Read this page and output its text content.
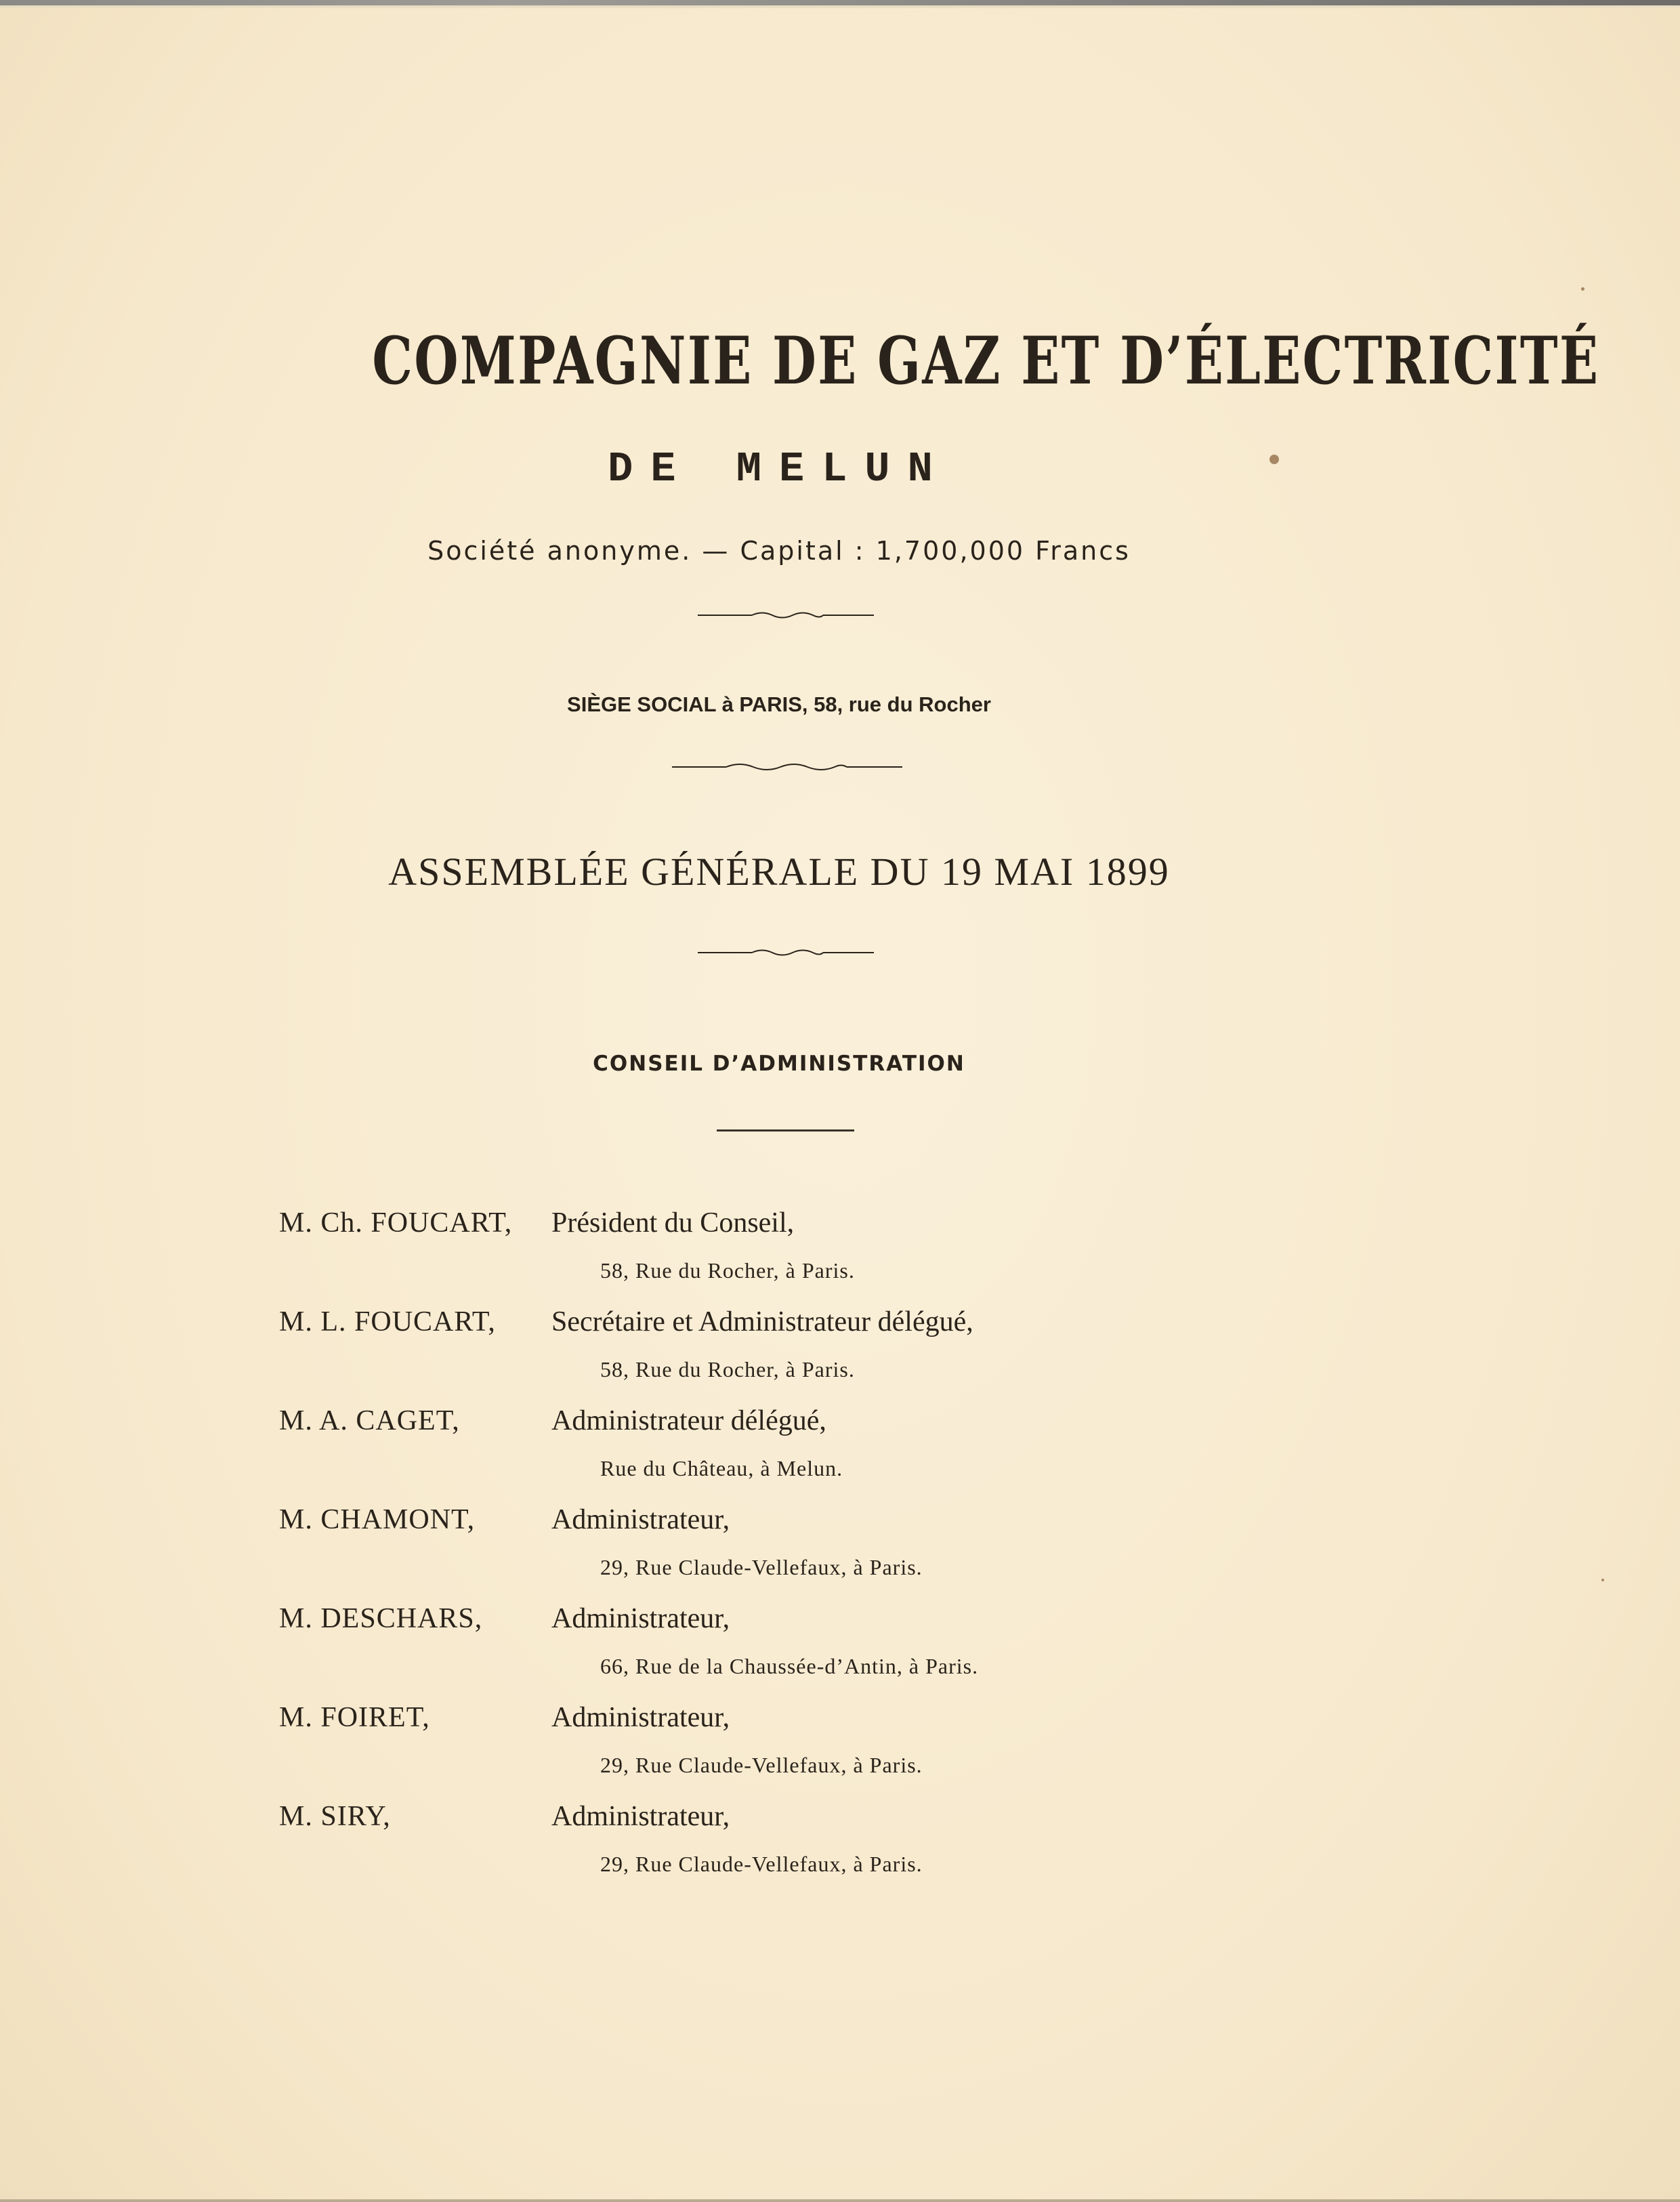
COMPAGNIE DE GAZ ET D’ÉLECTRICITÉ
DE MELUN
Société anonyme. — Capital : 1,700,000 Francs
SIÈGE SOCIAL à PARIS, 58, rue du Rocher
ASSEMBLÉE GÉNÉRALE DU 19 MAI 1899
CONSEIL D’ADMINISTRATION
M. Ch. FOUCART, Président du Conseil,
58, Rue du Rocher, à Paris.
M. L. FOUCART, Secrétaire et Administrateur délégué,
58, Rue du Rocher, à Paris.
M. A. CAGET,	Administrateur délégué,
Rue du Château, à Melun.
M. CHAMONT,	Administrateur,
29, Rue Claude-Vellefaux, à Paris.
M. DESCHARS, Administrateur,
66, Rue de la Chaussée-d’Antin, à Paris.
M. FOIRET,	Administrateur,
29, Rue Claude-Vellefaux, à Paris.
M. SIRY,	Administrateur,
29, Rue Claude-Vellefaux, à Paris.
